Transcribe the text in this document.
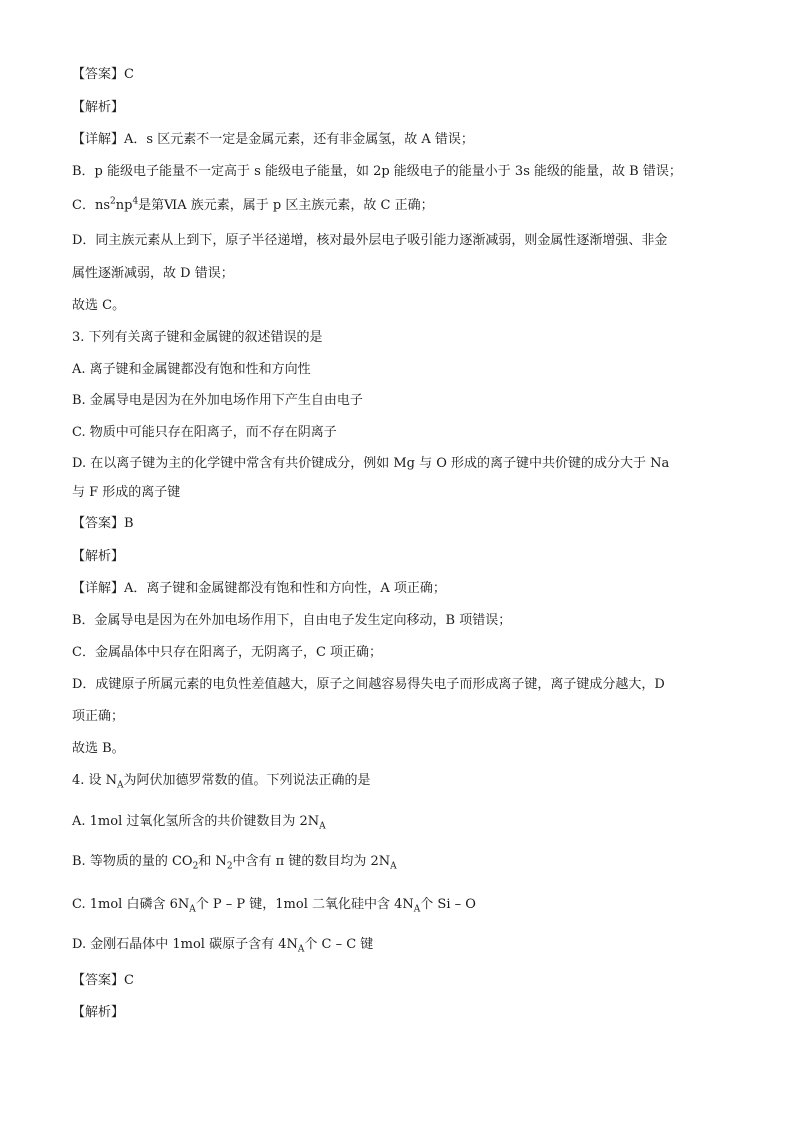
【答案】C
【解析】
【详解】A．s 区元素不一定是金属元素，还有非金属氢，故 A 错误；
B．p 能级电子能量不一定高于 s 能级电子能量，如 2p 能级电子的能量小于 3s 能级的能量，故 B 错误；
C．$ns^2np^4$是第ⅥA 族元素，属于 p 区主族元素，故 C 正确；
D．同主族元素从上到下，原子半径递增，核对最外层电子吸引能力逐渐减弱，则金属性逐渐增强、非金
属性逐渐减弱，故 D 错误；
故选 C。
3. 下列有关离子键和金属键的叙述错误的是
A. 离子键和金属键都没有饱和性和方向性
B. 金属导电是因为在外加电场作用下产生自由电子
C. 物质中可能只存在阳离子，而不存在阴离子
D. 在以离子键为主的化学键中常含有共价键成分，例如 Mg 与 O 形成的离子键中共价键的成分大于 Na
与 F 形成的离子键
【答案】B
【解析】
【详解】A．离子键和金属键都没有饱和性和方向性，A 项正确；
B．金属导电是因为在外加电场作用下，自由电子发生定向移动，B 项错误；
C．金属晶体中只存在阳离子，无阴离子，C 项正确；
D．成键原子所属元素的电负性差值越大，原子之间越容易得失电子而形成离子键，离子键成分越大，D
项正确；
故选 B。
4. 设 $N_A$为阿伏加德罗常数的值。下列说法正确的是
A. 1mol 过氧化氢所含的共价键数目为 $2N_A$
B. 等物质的量的 $CO_2$和 $N_2$中含有 π 键的数目均为 $2N_A$
C. 1mol 白磷含 $6N_A$个 P – P 键，1mol 二氧化硅中含 $4N_A$个 Si – O
D. 金刚石晶体中 1mol 碳原子含有 $4N_A$个 C – C 键
【答案】C
【解析】
